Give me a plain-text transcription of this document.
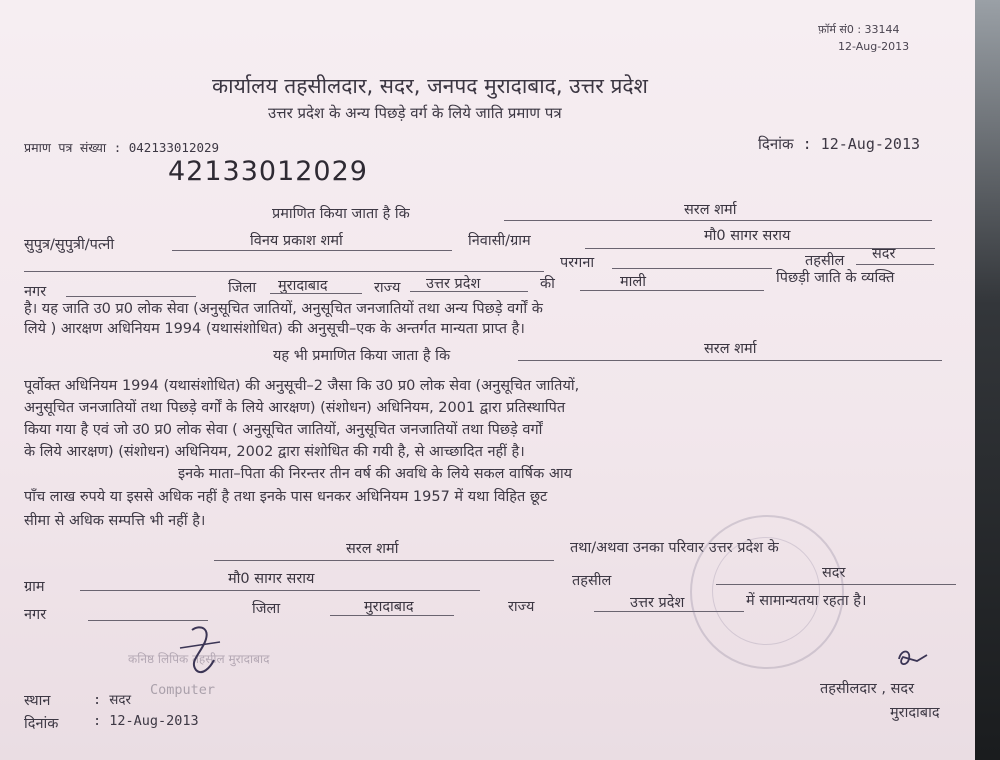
फ़ॉर्म सं0 : 33144
12-Aug-2013
कार्यालय तहसीलदार, सदर, जनपद मुरादाबाद, उत्तर प्रदेश
उत्तर प्रदेश के अन्य पिछड़े वर्ग के लिये जाति प्रमाण पत्र
प्रमाण पत्र संख्या : 042133012029	दिनांक : 12-Aug-2013
42133012029
प्रमाणित किया जाता है कि	सरल शर्मा
सुपुत्र/सुपुत्री/पत्नी	विनय प्रकाश शर्मा	निवासी/ग्राम	मौ0 सागर सराय
परगना	तहसील सदर
नगर	जिला मुरादाबाद	राज्य उत्तर प्रदेश	की	माली	पिछड़ी जाति के व्यक्ति
है। यह जाति उ0 प्र0 लोक सेवा (अनुसूचित जातियों, अनुसूचित जनजातियों तथा अन्य पिछड़े वर्गों के
लिये ) आरक्षण अधिनियम 1994 (यथासंशोधित) की अनुसूची–एक के अन्तर्गत मान्यता प्राप्त है।
यह भी प्रमाणित किया जाता है कि	सरल शर्मा
पूर्वोक्त अधिनियम 1994 (यथासंशोधित) की अनुसूची–2 जैसा कि उ0 प्र0 लोक सेवा (अनुसूचित जातियों,
अनुसूचित जनजातियों तथा पिछड़े वर्गों के लिये आरक्षण) (संशोधन) अधिनियम, 2001 द्वारा प्रतिस्थापित
किया गया है एवं जो उ0 प्र0 लोक सेवा ( अनुसूचित जातियों, अनुसूचित जनजातियों तथा पिछड़े वर्गों
के लिये आरक्षण) (संशोधन) अधिनियम, 2002 द्वारा संशोधित की गयी है, से आच्छादित नहीं है।
इनके माता–पिता की निरन्तर तीन वर्ष की अवधि के लिये सकल वार्षिक आय
पाँच लाख रुपये या इससे अधिक नहीं है तथा इनके पास धनकर अधिनियम 1957 में यथा विहित छूट
सीमा से अधिक सम्पत्ति भी नहीं है।
सरल शर्मा	तथा/अथवा उनका परिवार उत्तर प्रदेश के
ग्राम	मौ0 सागर सराय	तहसील	सदर
नगर	जिला	मुरादाबाद	राज्य	उत्तर प्रदेश	में सामान्यतया रहता है।
कनिष्ठ लिपिक तहसील मुरादाबाद
स्थान	: सदर
Computer
दिनांक	: 12-Aug-2013
तहसीलदार , सदर
मुरादाबाद
